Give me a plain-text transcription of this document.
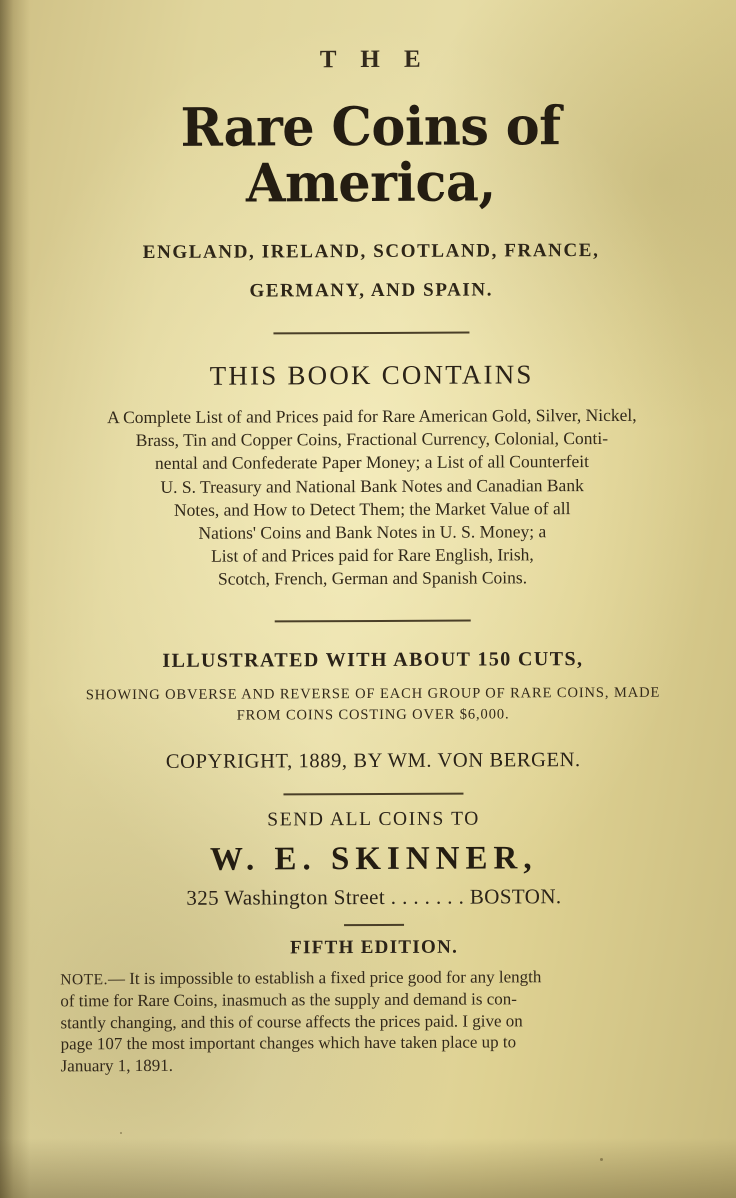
T H E
Rare Coins of America,
ENGLAND, IRELAND, SCOTLAND, FRANCE,
GERMANY, AND SPAIN.
THIS BOOK CONTAINS
A Complete List of and Prices paid for Rare American Gold, Silver, Nickel,
Brass, Tin and Copper Coins, Fractional Currency, Colonial, Conti-
nental and Confederate Paper Money; a List of all Counterfeit
U. S. Treasury and National Bank Notes and Canadian Bank
Notes, and How to Detect Them; the Market Value of all
Nations' Coins and Bank Notes in U. S. Money; a
List of and Prices paid for Rare English, Irish,
Scotch, French, German and Spanish Coins.
ILLUSTRATED WITH ABOUT 150 CUTS,
SHOWING OBVERSE AND REVERSE OF EACH GROUP OF RARE COINS, MADE
FROM COINS COSTING OVER $6,000.
COPYRIGHT, 1889, BY WM. VON BERGEN.
SEND ALL COINS TO
W. E. SKINNER,
325 Washington Street . . . . . . . BOSTON.
FIFTH EDITION.
NOTE.— It is impossible to establish a fixed price good for any length
of time for Rare Coins, inasmuch as the supply and demand is con-
stantly changing, and this of course affects the prices paid. I give on
page 107 the most important changes which have taken place up to
January 1, 1891.
